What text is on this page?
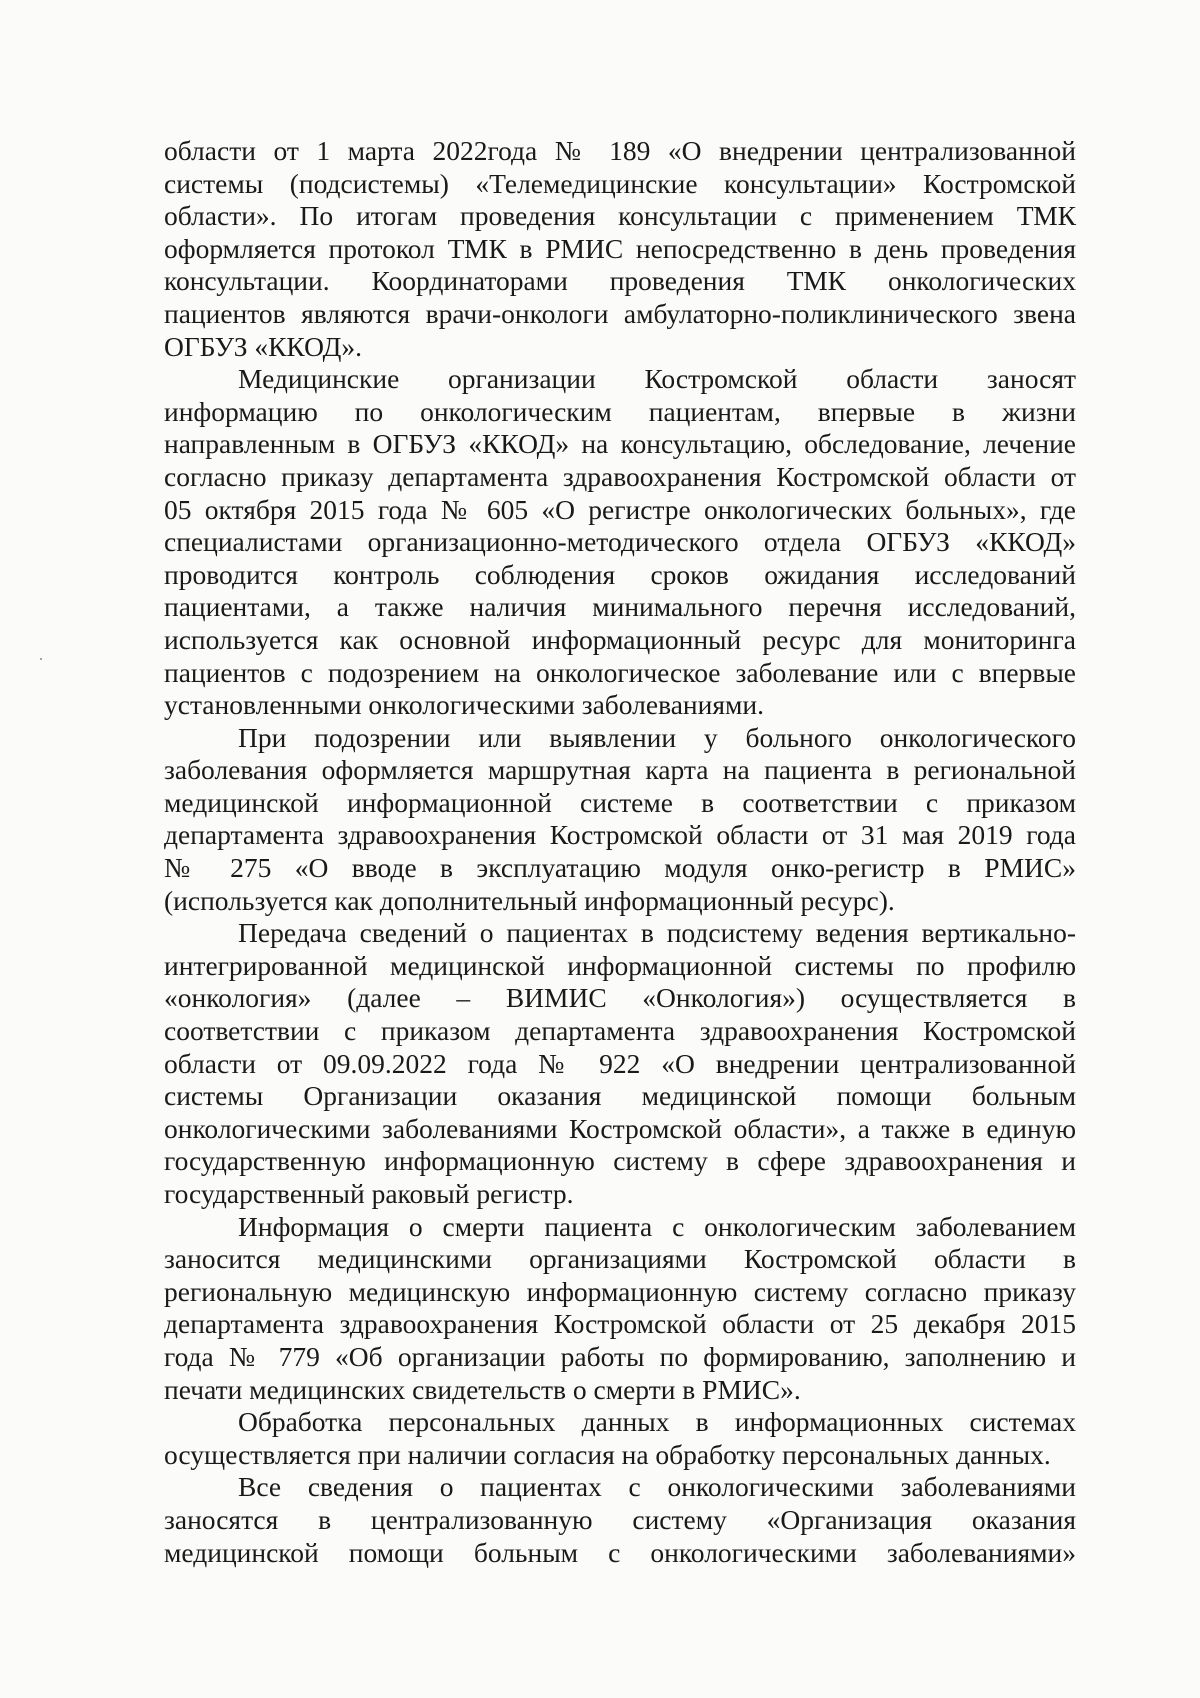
области от 1 марта 2022года № 189 «О внедрении централизованной
системы (подсистемы) «Телемедицинские консультации» Костромской
области». По итогам проведения консультации с применением ТМК
оформляется протокол ТМК в РМИС непосредственно в день проведения
консультации. Координаторами проведения ТМК онкологических
пациентов являются врачи-онкологи амбулаторно-поликлинического звена
ОГБУЗ «ККОД».
Медицинские организации Костромской области заносят
информацию по онкологическим пациентам, впервые в жизни
направленным в ОГБУЗ «ККОД» на консультацию, обследование, лечение
согласно приказу департамента здравоохранения Костромской области от
05 октября 2015 года № 605 «О регистре онкологических больных», где
специалистами организационно-методического отдела ОГБУЗ «ККОД»
проводится контроль соблюдения сроков ожидания исследований
пациентами, а также наличия минимального перечня исследований,
используется как основной информационный ресурс для мониторинга
пациентов с подозрением на онкологическое заболевание или с впервые
установленными онкологическими заболеваниями.
При подозрении или выявлении у больного онкологического
заболевания оформляется маршрутная карта на пациента в региональной
медицинской информационной системе в соответствии с приказом
департамента здравоохранения Костромской области от 31 мая 2019 года
№ 275 «О вводе в эксплуатацию модуля онко-регистр в РМИС»
(используется как дополнительный информационный ресурс).
Передача сведений о пациентах в подсистему ведения вертикально-
интегрированной медицинской информационной системы по профилю
«онкология» (далее – ВИМИС «Онкология») осуществляется в
соответствии с приказом департамента здравоохранения Костромской
области от 09.09.2022 года № 922 «О внедрении централизованной
системы Организации оказания медицинской помощи больным
онкологическими заболеваниями Костромской области», а также в единую
государственную информационную систему в сфере здравоохранения и
государственный раковый регистр.
Информация о смерти пациента с онкологическим заболеванием
заносится медицинскими организациями Костромской области в
региональную медицинскую информационную систему согласно приказу
департамента здравоохранения Костромской области от 25 декабря 2015
года № 779 «Об организации работы по формированию, заполнению и
печати медицинских свидетельств о смерти в РМИС».
Обработка персональных данных в информационных системах
осуществляется при наличии согласия на обработку персональных данных.
Все сведения о пациентах с онкологическими заболеваниями
заносятся в централизованную систему «Организация оказания
медицинской помощи больным с онкологическими заболеваниями»
